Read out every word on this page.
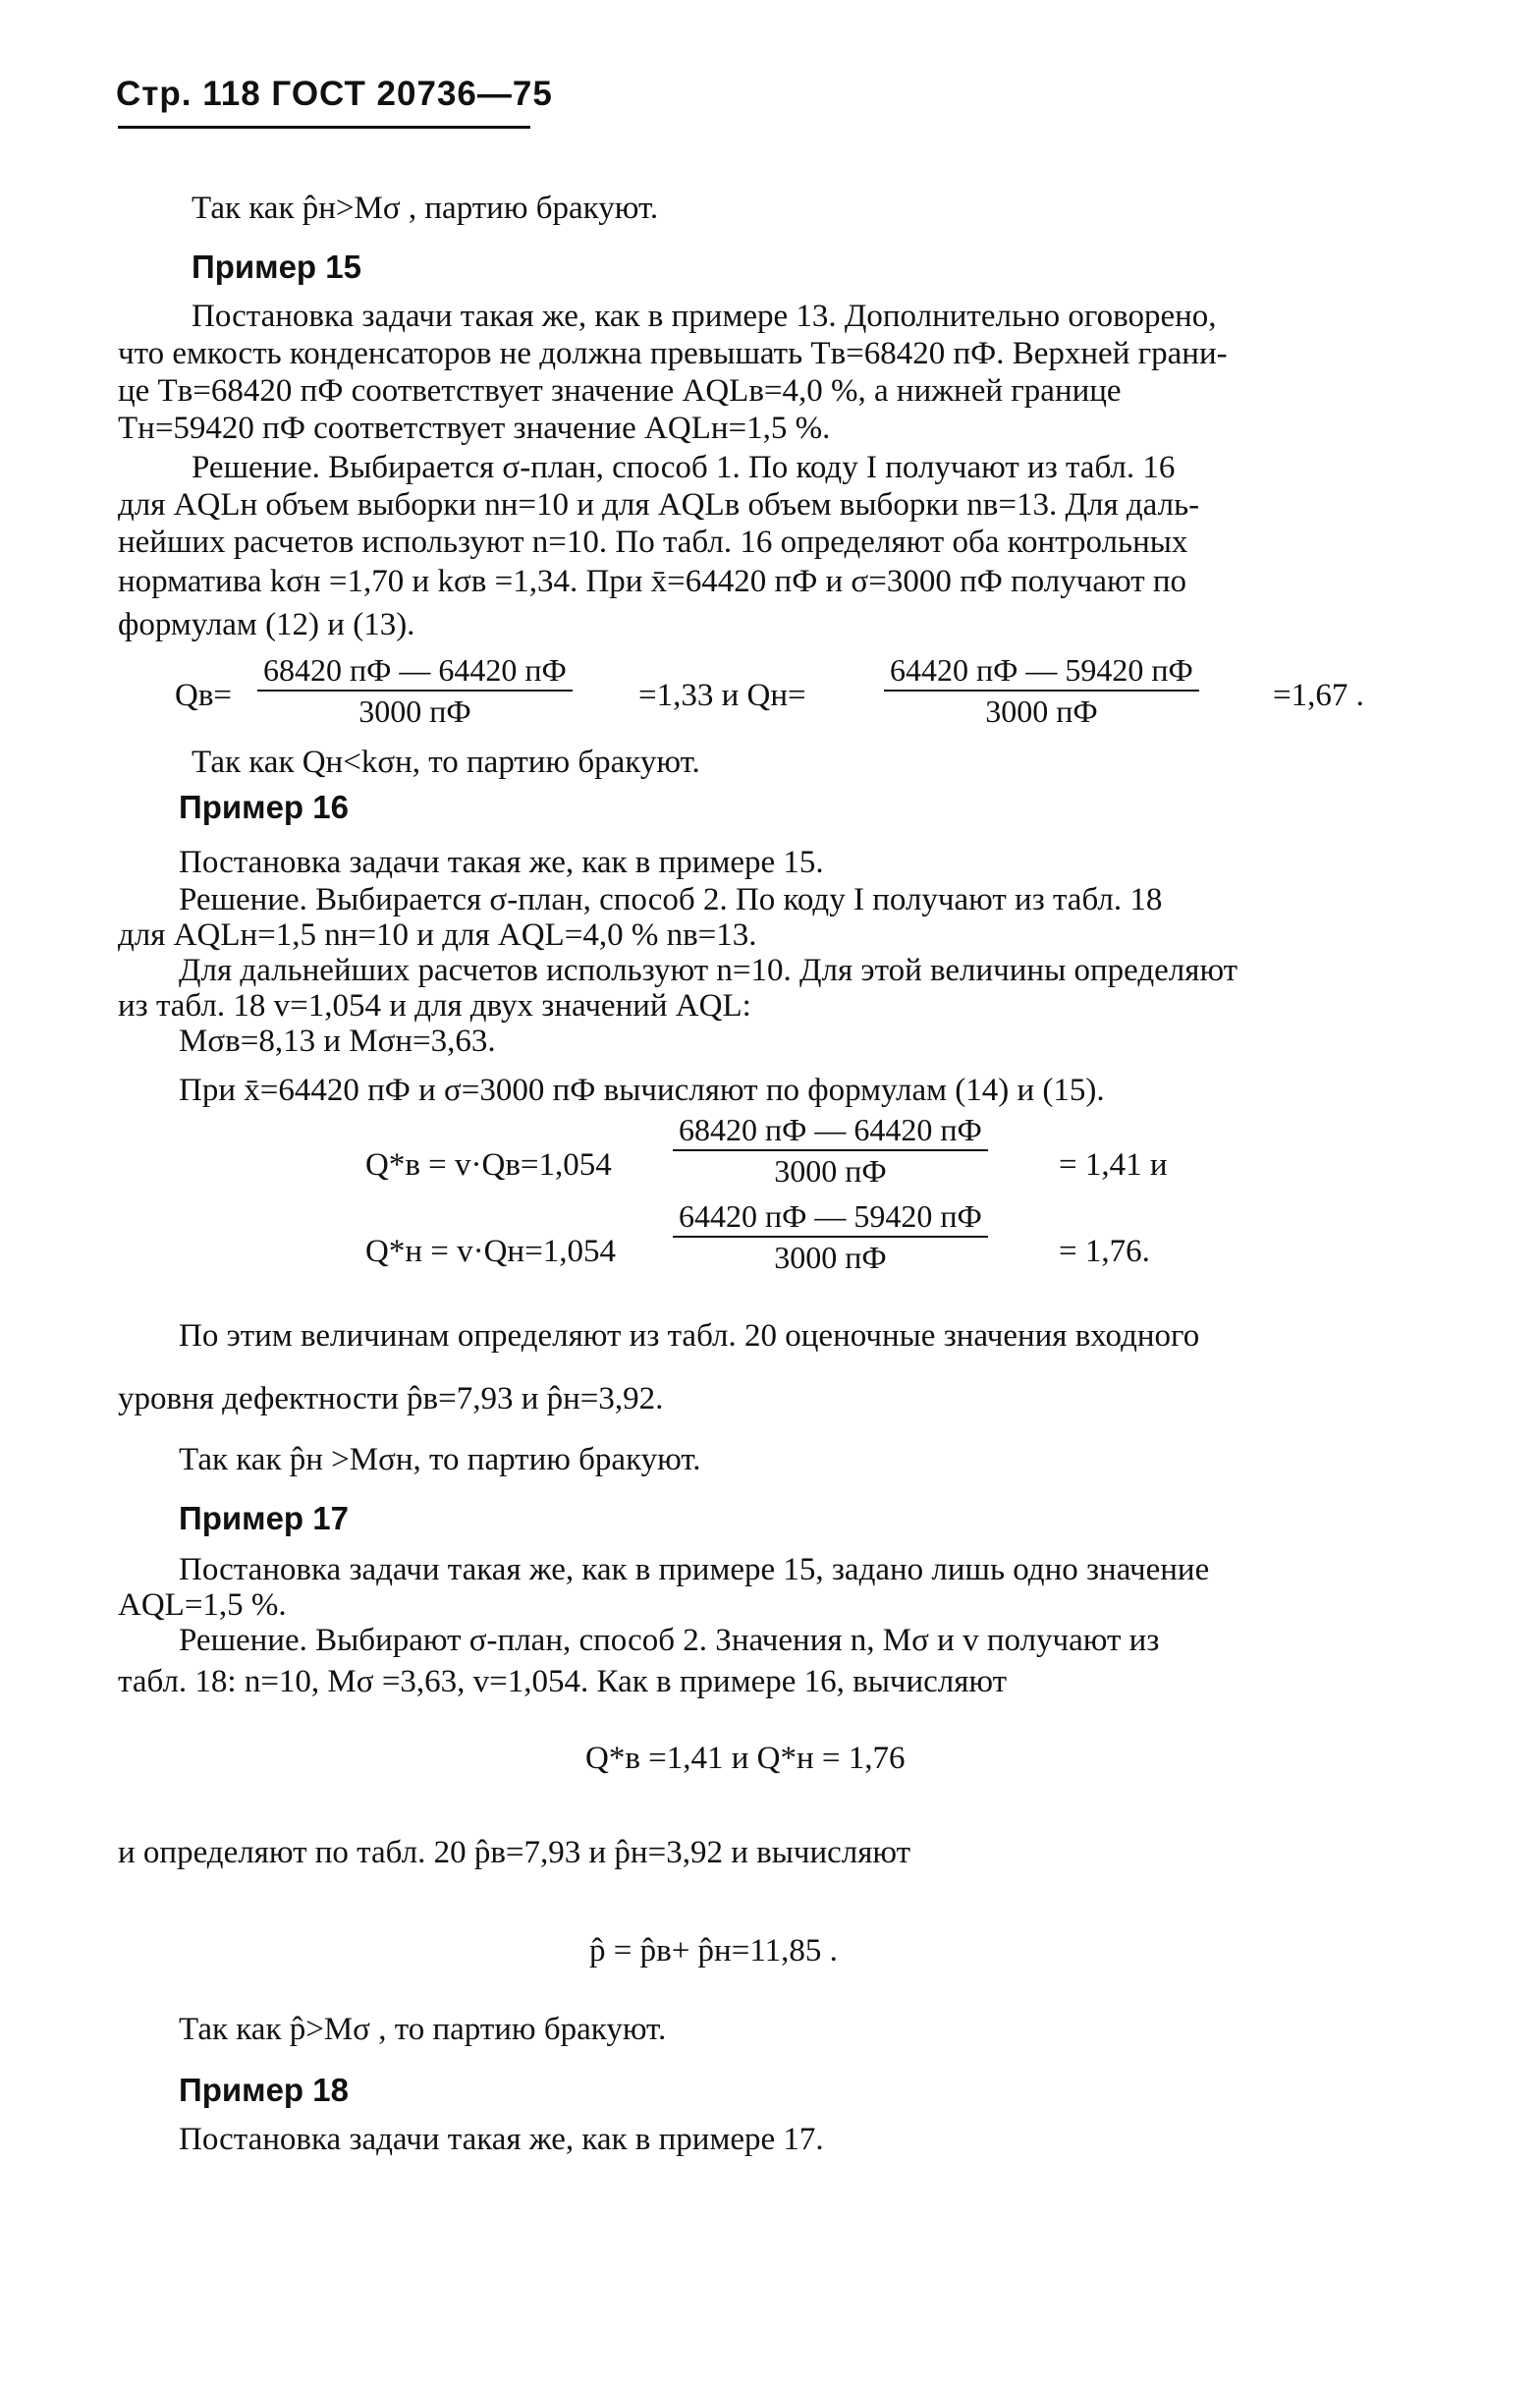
Стр. 118 ГОСТ 20736—75
Так как p̂н>Mσ , партию бракуют.
Пример 15
Постановка задачи такая же, как в примере 13. Дополнительно оговорено,
что емкость конденсаторов не должна превышать Tв=68420 пФ. Верхней грани-
це Tв=68420 пФ соответствует значение AQLв=4,0 %, а нижней границе
Tн=59420 пФ соответствует значение AQLн=1,5 %.
Решение. Выбирается σ-план, способ 1. По коду I получают из табл. 16
для AQLн объем выборки nн=10 и для AQLв объем выборки nв=13. Для даль-
нейших расчетов используют n=10. По табл. 16 определяют оба контрольных
норматива kσн =1,70 и kσв =1,34. При x̄=64420 пФ и σ=3000 пФ получают по
формулам (12) и (13).
Qв=
68420 пФ — 64420 пФ
3000 пФ	=1,33 и Qн=
64420 пФ — 59420 пФ
3000 пФ	=1,67 .
Так как Qн<kσн, то партию бракуют.
Пример 16
Постановка задачи такая же, как в примере 15.
Решение. Выбирается σ-план, способ 2. По коду I получают из табл. 18
для AQLн=1,5 nн=10 и для AQL=4,0 % nв=13.
Для дальнейших расчетов используют n=10. Для этой величины определяют
из табл. 18 v=1,054 и для двух значений AQL:
Mσв=8,13 и Mσн=3,63.
При x̄=64420 пФ и σ=3000 пФ вычисляют по формулам (14) и (15).
Q*в = v·Qв=1,054
68420 пФ — 64420 пФ
3000 пФ	= 1,41 и
Q*н = v·Qн=1,054
64420 пФ — 59420 пФ
3000 пФ	= 1,76.
По этим величинам определяют из табл. 20 оценочные значения входного
уровня дефектности p̂в=7,93 и p̂н=3,92.
Так как p̂н >Mσн, то партию бракуют.
Пример 17
Постановка задачи такая же, как в примере 15, задано лишь одно значение
AQL=1,5 %.
Решение. Выбирают σ-план, способ 2. Значения n, Mσ и v получают из
табл. 18: n=10, Mσ =3,63, v=1,054. Как в примере 16, вычисляют
Q*в =1,41 и Q*н = 1,76
и определяют по табл. 20 p̂в=7,93 и p̂н=3,92 и вычисляют
p̂ = p̂в+ p̂н=11,85 .
Так как p̂>Mσ , то партию бракуют.
Пример 18
Постановка задачи такая же, как в примере 17.
